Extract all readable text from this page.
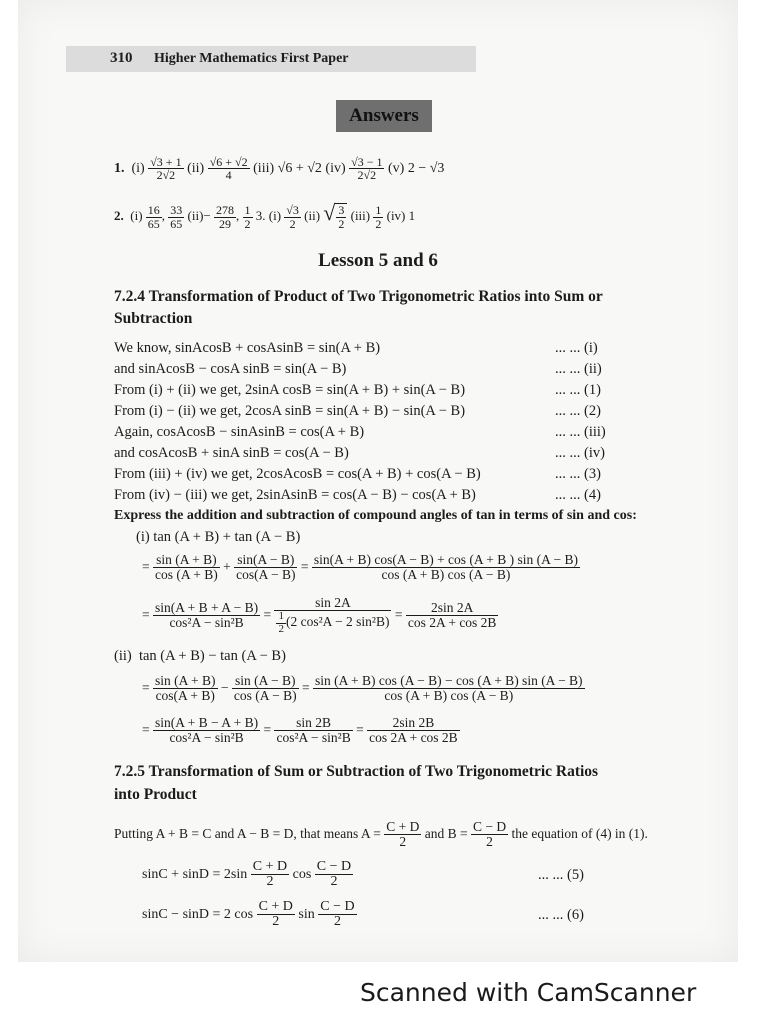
310 Higher Mathematics First Paper
Answers
1. $(i) \frac{√3 + 1}{2√2} (ii) \frac{√6 + √2}{4} (iii) √6 + √2$ $(iv) \frac{√3 - 1}{2√2} (v) 2 - √3$
2. $(i) \frac{16}{65}$ , $\frac{33}{65} (ii)- \frac{278}{29}$ , $\frac{1}{2} 3$. $(i) \frac{√3}{2} (ii)$ √ $\frac{3}{2} (iii) \frac{1}{2} (iv)$ 1
Lesson 5 and 6
7.2.4 Transformation of Product of Two Trigonometric Ratios into Sum or
Subtraction
We know, sinAcosB + cosAsinB = sin(A + B)	... ... (i)
and sinAcosB − cosA sinB = sin(A − B)	... ... (ii)
From (i) + (ii) we get, 2sinA cosB = sin(A + B) + sin(A − B)	... ... (1)
From (i) − (ii) we get, 2cosA sinB = sin(A + B) − sin(A − B)	... ... (2)
Again, cosAcosB − sinAsinB = cos(A + B)	... ... (iii)
and cosAcosB + sinA sinB = cos(A − B)	... ... (iv)
From (iii) + (iv) we get, 2cosAcosB = cos(A + B) + cos(A − B)	... ... (3)
From (iv) − (iii) we get, 2sinAsinB = cos(A − B) − cos(A + B)	... ... (4)
Express the addition and subtraction of compound angles of tan in terms of sin and cos:
(i) tan (A + B) + tan (A − B)
= $\frac{\sin (A + B)}{\cos (A + B)} + \frac{\sin(A - B)}{\cos(A - B)} = \frac{\sin(A + B) \cos(A - B) + \cos (A + B ) \sin (A - B)}{\cos (A + B) \cos (A - B)}$
= $\frac{\sin(A + B + A - B)}{\text{cos²A − sin²B}} = \frac{\sin 2A}{\frac{1}{2} (2 \cos^2A - 2 \sin^2B)} = \frac{2\sin 2A}{\cos 2A + \cos 2B}$
(ii)  tan (A + B) − tan (A − B)
= $\frac{\sin (A + B)}{\cos(A + B)} - \frac{\sin (A - B)}{\cos (A - B)} = \frac{\sin (A + B) \cos (A - B) - \cos (A + B) \sin (A - B)}{\cos (A + B) \cos (A - B)}$
= $\frac{\sin(A + B - A + B)}{\text{cos²A − sin²B}} = \frac{\sin 2B}{\text{cos²A − sin²B}} = \frac{2\sin 2B}{\cos 2A + \cos 2B}$
7.2.5 Transformation of Sum or Subtraction of Two Trigonometric Ratios
into Product
Putting A + B = C and A − B = D, that means $A = \frac{C + D}{2}$ and $B = \frac{C - D}{2}$ the equation of (4) in (1).
$\sin C + \sin D = 2\sin \frac{C + D}{2}$ $\cos \frac{C - D}{2}$	... ... (5)
sinC − sinD = 2 $\cos \frac{C + D}{2}$ $\sin \frac{C - D}{2}$	... ... (6)
Scanned with CamScanner
